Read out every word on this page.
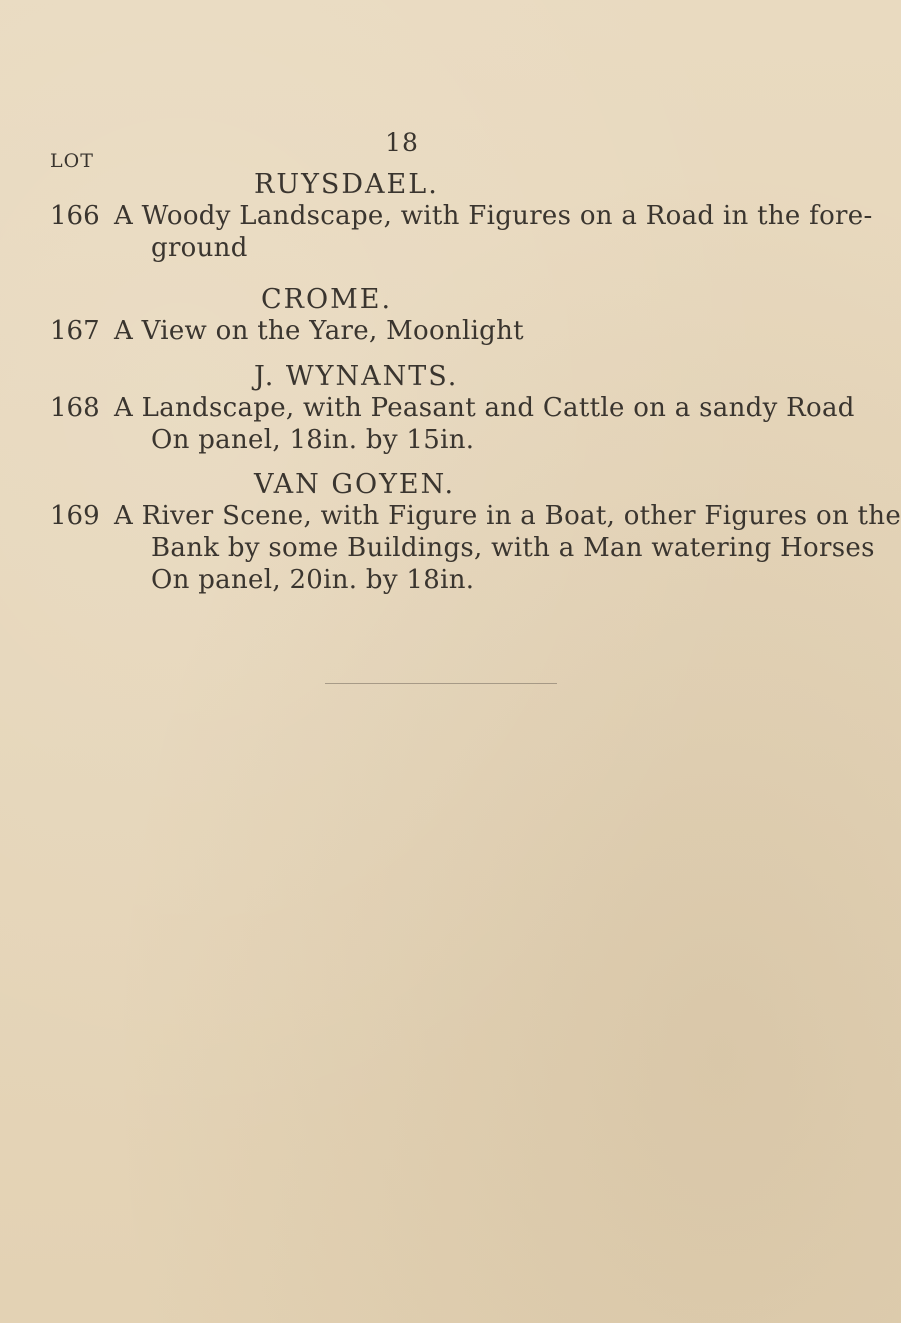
18
LOT
RUYSDAEL.
166 A Woody Landscape, with Figures on a Road in the fore-
ground
CROME.
167 A View on the Yare, Moonlight
J. WYNANTS.
168 A Landscape, with Peasant and Cattle on a sandy Road
On panel, 18in. by 15in.
VAN GOYEN.
169 A River Scene, with Figure in a Boat, other Figures on the
Bank by some Buildings, with a Man watering Horses
On panel, 20in. by 18in.
